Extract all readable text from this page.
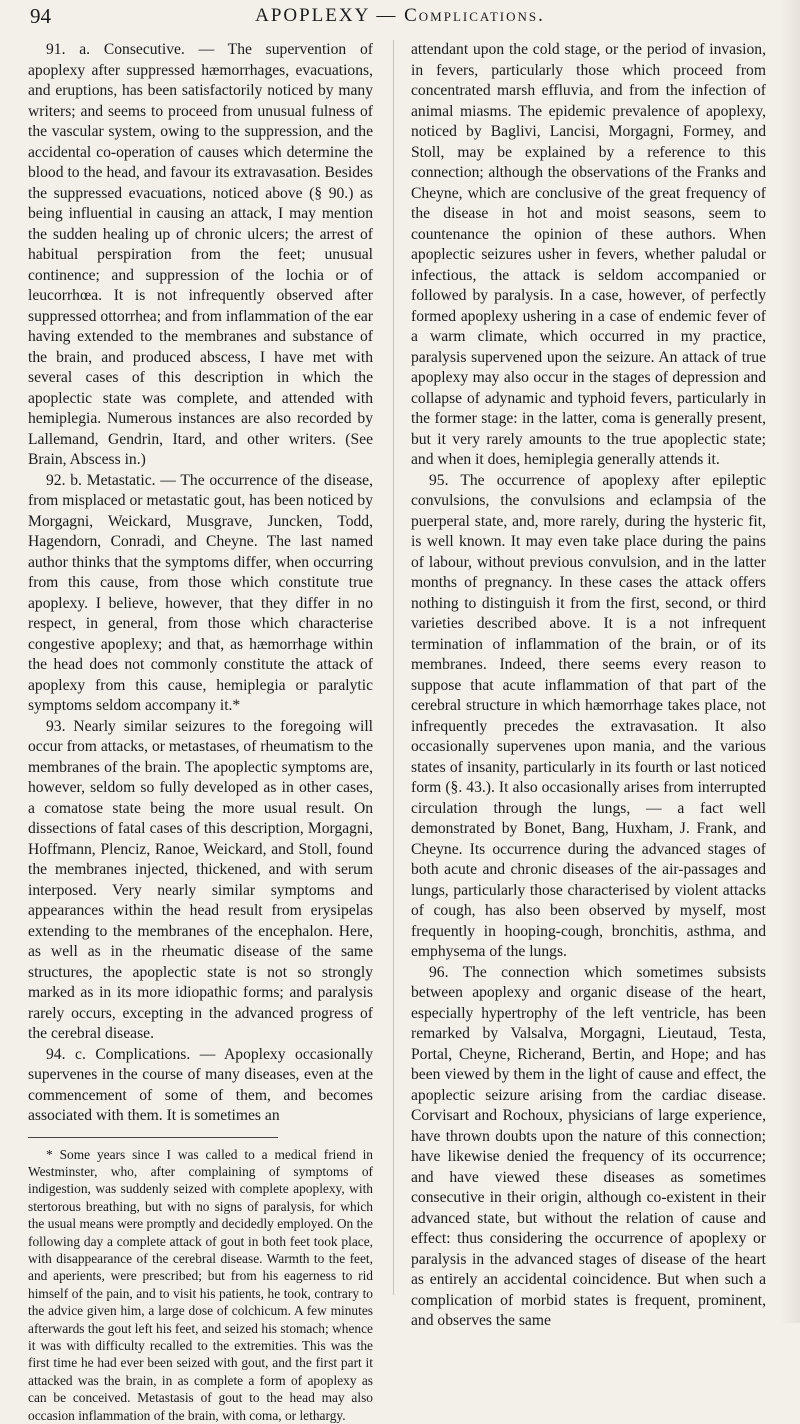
94	APOPLEXY — Complications.

91. a. Consecutive. — The supervention of apoplexy after suppressed hæmorrhages, evacuations, and eruptions, has been satisfactorily noticed by many writers; and seems to proceed from unusual fulness of the vascular system, owing to the suppression, and the accidental co-operation of causes which determine the blood to the head, and favour its extravasation. Besides the suppressed evacuations, noticed above (§ 90.) as being influential in causing an attack, I may mention the sudden healing up of chronic ulcers; the arrest of habitual perspiration from the feet; unusual continence; and suppression of the lochia or of leucorrhœa. It is not infrequently observed after suppressed ottorrhea; and from inflammation of the ear having extended to the membranes and substance of the brain, and produced abscess, I have met with several cases of this description in which the apoplectic state was complete, and attended with hemiplegia. Numerous instances are also recorded by Lallemand, Gendrin, Itard, and other writers. (See Brain, Abscess in.)

92. b. Metastatic. — The occurrence of the disease, from misplaced or metastatic gout, has been noticed by Morgagni, Weickard, Musgrave, Juncken, Todd, Hagendorn, Conradi, and Cheyne. The last named author thinks that the symptoms differ, when occurring from this cause, from those which constitute true apoplexy. I believe, however, that they differ in no respect, in general, from those which characterise congestive apoplexy; and that, as hæmorrhage within the head does not commonly constitute the attack of apoplexy from this cause, hemiplegia or paralytic symptoms seldom accompany it.*

93. Nearly similar seizures to the foregoing will occur from attacks, or metastases, of rheumatism to the membranes of the brain. The apoplectic symptoms are, however, seldom so fully developed as in other cases, a comatose state being the more usual result. On dissections of fatal cases of this description, Morgagni, Hoffmann, Plenciz, Ranoe, Weickard, and Stoll, found the membranes injected, thickened, and with serum interposed. Very nearly similar symptoms and appearances within the head result from erysipelas extending to the membranes of the encephalon. Here, as well as in the rheumatic disease of the same structures, the apoplectic state is not so strongly marked as in its more idiopathic forms; and paralysis rarely occurs, excepting in the advanced progress of the cerebral disease.

94. c. Complications. — Apoplexy occasionally supervenes in the course of many diseases, even at the commencement of some of them, and becomes associated with them. It is sometimes an

* Some years since I was called to a medical friend in Westminster, who, after complaining of symptoms of indigestion, was suddenly seized with complete apoplexy, with stertorous breathing, but with no signs of paralysis, for which the usual means were promptly and decidedly employed. On the following day a complete attack of gout in both feet took place, with disappearance of the cerebral disease. Warmth to the feet, and aperients, were prescribed; but from his eagerness to rid himself of the pain, and to visit his patients, he took, contrary to the advice given him, a large dose of colchicum. A few minutes afterwards the gout left his feet, and seized his stomach; whence it was with difficulty recalled to the extremities. This was the first time he had ever been seized with gout, and the first part it attacked was the brain, in as complete a form of apoplexy as can be conceived. Metastasis of gout to the head may also occasion inflammation of the brain, with coma, or lethargy.

attendant upon the cold stage, or the period of invasion, in fevers, particularly those which proceed from concentrated marsh effluvia, and from the infection of animal miasms. The epidemic prevalence of apoplexy, noticed by Baglivi, Lancisi, Morgagni, Formey, and Stoll, may be explained by a reference to this connection; although the observations of the Franks and Cheyne, which are conclusive of the great frequency of the disease in hot and moist seasons, seem to countenance the opinion of these authors. When apoplectic seizures usher in fevers, whether paludal or infectious, the attack is seldom accompanied or followed by paralysis. In a case, however, of perfectly formed apoplexy ushering in a case of endemic fever of a warm climate, which occurred in my practice, paralysis supervened upon the seizure. An attack of true apoplexy may also occur in the stages of depression and collapse of adynamic and typhoid fevers, particularly in the former stage: in the latter, coma is generally present, but it very rarely amounts to the true apoplectic state; and when it does, hemiplegia generally attends it.

95. The occurrence of apoplexy after epileptic convulsions, the convulsions and eclampsia of the puerperal state, and, more rarely, during the hysteric fit, is well known. It may even take place during the pains of labour, without previous convulsion, and in the latter months of pregnancy. In these cases the attack offers nothing to distinguish it from the first, second, or third varieties described above. It is a not infrequent termination of inflammation of the brain, or of its membranes. Indeed, there seems every reason to suppose that acute inflammation of that part of the cerebral structure in which hæmorrhage takes place, not infrequently precedes the extravasation. It also occasionally supervenes upon mania, and the various states of insanity, particularly in its fourth or last noticed form (§. 43.). It also occasionally arises from interrupted circulation through the lungs, — a fact well demonstrated by Bonet, Bang, Huxham, J. Frank, and Cheyne. Its occurrence during the advanced stages of both acute and chronic diseases of the air-passages and lungs, particularly those characterised by violent attacks of cough, has also been observed by myself, most frequently in hooping-cough, bronchitis, asthma, and emphysema of the lungs.

96. The connection which sometimes subsists between apoplexy and organic disease of the heart, especially hypertrophy of the left ventricle, has been remarked by Valsalva, Morgagni, Lieutaud, Testa, Portal, Cheyne, Richerand, Bertin, and Hope; and has been viewed by them in the light of cause and effect, the apoplectic seizure arising from the cardiac disease. Corvisart and Rochoux, physicians of large experience, have thrown doubts upon the nature of this connection; have likewise denied the frequency of its occurrence; and have viewed these diseases as sometimes consecutive in their origin, although co-existent in their advanced state, but without the relation of cause and effect: thus considering the occurrence of apoplexy or paralysis in the advanced stages of disease of the heart as entirely an accidental coincidence. But when such a complication of morbid states is frequent, prominent, and observes the same
